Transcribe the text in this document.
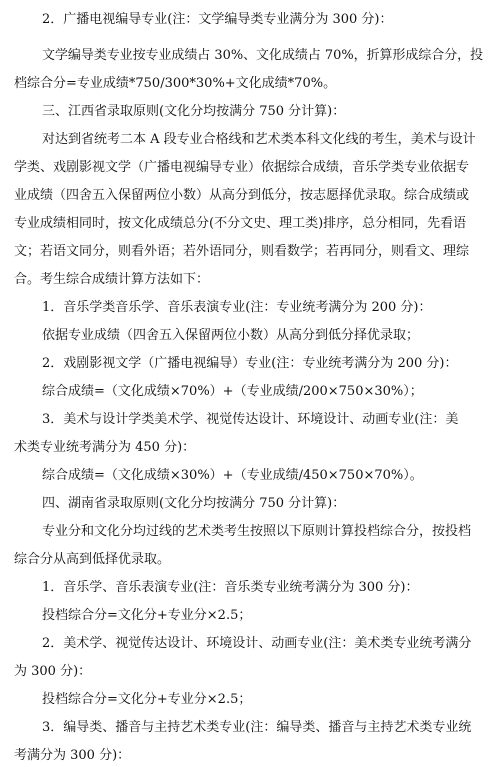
2．广播电视编导专业(注：文学编导类专业满分为 300 分)：
文学编导类专业按专业成绩占 30%、文化成绩占 70%，折算形成综合分，投
档综合分=专业成绩*750/300*30%+文化成绩*70%。
三、江西省录取原则(文化分均按满分 750 分计算)：
对达到省统考二本 A 段专业合格线和艺术类本科文化线的考生，美术与设计
学类、戏剧影视文学（广播电视编导专业）依据综合成绩，音乐学类专业依据专
业成绩（四舍五入保留两位小数）从高分到低分，按志愿择优录取。综合成绩或
专业成绩相同时，按文化成绩总分(不分文史、理工类)排序，总分相同，先看语
文；若语文同分，则看外语；若外语同分，则看数学；若再同分，则看文、理综
合。考生综合成绩计算方法如下：
1．音乐学类音乐学、音乐表演专业(注：专业统考满分为 200 分)：
依据专业成绩（四舍五入保留两位小数）从高分到低分择优录取；
2．戏剧影视文学（广播电视编导）专业(注：专业统考满分为 200 分)：
综合成绩=（文化成绩×70%）+（专业成绩/200×750×30%）；
3．美术与设计学类美术学、视觉传达设计、环境设计、动画专业(注：美
术类专业统考满分为 450 分)：
综合成绩=（文化成绩×30%）+（专业成绩/450×750×70%）。
四、湖南省录取原则(文化分均按满分 750 分计算)：
专业分和文化分均过线的艺术类考生按照以下原则计算投档综合分，按投档
综合分从高到低择优录取。
1．音乐学、音乐表演专业(注：音乐类专业统考满分为 300 分)：
投档综合分=文化分+专业分×2.5；
2．美术学、视觉传达设计、环境设计、动画专业(注：美术类专业统考满分
为 300 分)：
投档综合分=文化分+专业分×2.5；
3．编导类、播音与主持艺术类专业(注：编导类、播音与主持艺术类专业统
考满分为 300 分)：
